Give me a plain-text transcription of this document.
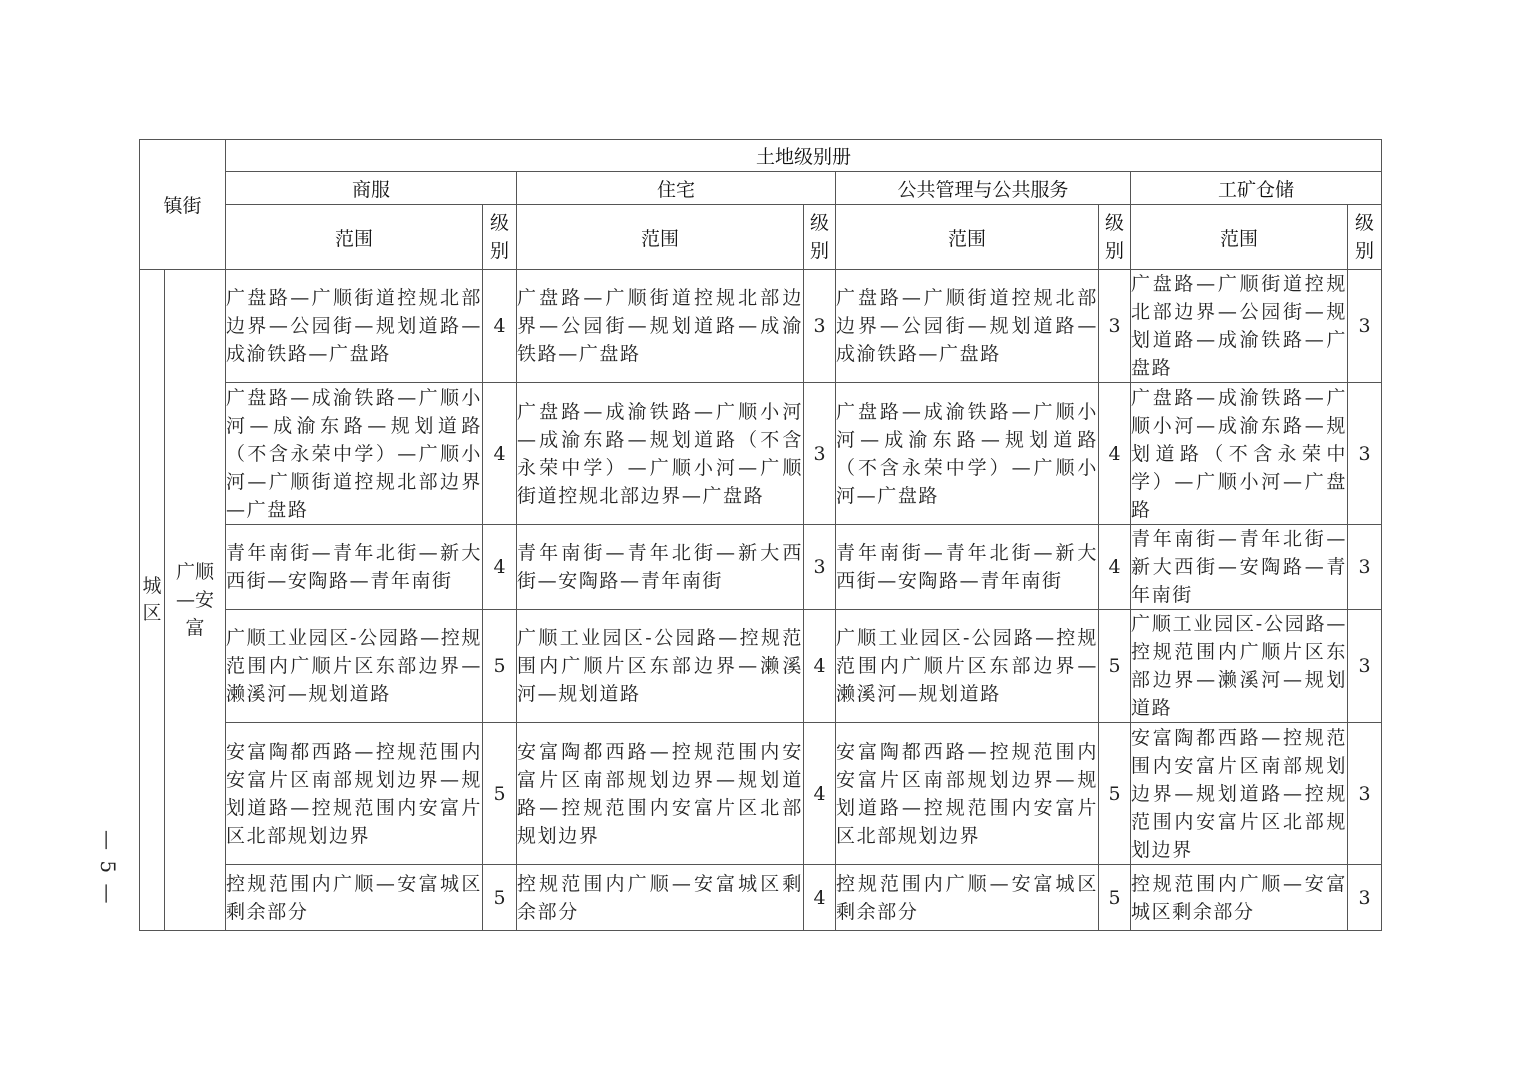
镇街		土地级别册							
		商服		住宅		公共管理与公共服务		工矿仓储	
		范围	级别	范围	级别	范围	级别	范围	级别
城区	广顺—安富	广盘路—广顺街道控规北部边界—公园街—规划道路—成渝铁路—广盘路	4	广盘路—广顺街道控规北部边界—公园街—规划道路—成渝铁路—广盘路	3	广盘路—广顺街道控规北部边界—公园街—规划道路—成渝铁路—广盘路	3	广盘路—广顺街道控规北部边界—公园街—规划道路—成渝铁路—广盘路	3
		广盘路—成渝铁路—广顺小河—成渝东路—规划道路（不含永荣中学）—广顺小河—广顺街道控规北部边界—广盘路	4	广盘路—成渝铁路—广顺小河—成渝东路—规划道路（不含永荣中学）—广顺小河—广顺街道控规北部边界—广盘路	3	广盘路—成渝铁路—广顺小河—成渝东路—规划道路（不含永荣中学）—广顺小河—广盘路	4	广盘路—成渝铁路—广顺小河—成渝东路—规划道路（不含永荣中学）—广顺小河—广盘路	3
		青年南街—青年北街—新大西街—安陶路—青年南街	4	青年南街—青年北街—新大西街—安陶路—青年南街	3	青年南街—青年北街—新大西街—安陶路—青年南街	4	青年南街—青年北街—新大西街—安陶路—青年南街	3
		广顺工业园区-公园路—控规范围内广顺片区东部边界—濑溪河—规划道路	5	广顺工业园区-公园路—控规范围内广顺片区东部边界—濑溪河—规划道路	4	广顺工业园区-公园路—控规范围内广顺片区东部边界—濑溪河—规划道路	5	广顺工业园区-公园路—控规范围内广顺片区东部边界—濑溪河—规划道路	3
		安富陶都西路—控规范围内安富片区南部规划边界—规划道路—控规范围内安富片区北部规划边界	5	安富陶都西路—控规范围内安富片区南部规划边界—规划道路—控规范围内安富片区北部规划边界	4	安富陶都西路—控规范围内安富片区南部规划边界—规划道路—控规范围内安富片区北部规划边界	5	安富陶都西路—控规范围内安富片区南部规划边界—规划道路—控规范围内安富片区北部规划边界	3
		控规范围内广顺—安富城区剩余部分	5	控规范围内广顺—安富城区剩余部分	4	控规范围内广顺—安富城区剩余部分	5	控规范围内广顺—安富城区剩余部分	3
— 5 —
